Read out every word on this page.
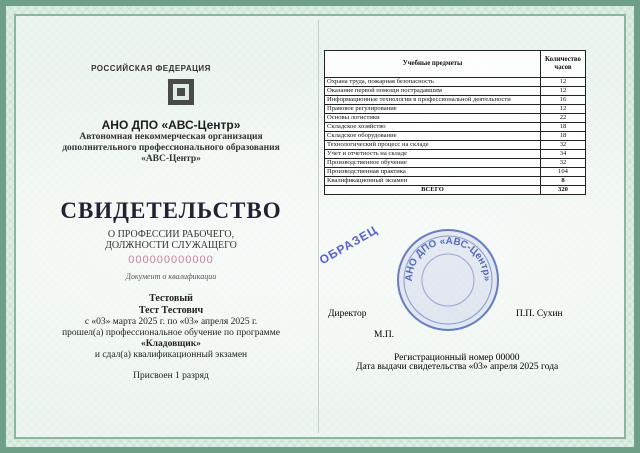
РОССИЙСКАЯ ФЕДЕРАЦИЯ
АНО ДПО «АВС-Центр»
Автономная некоммерческая организация
дополнительного профессионального образования
«АВС-Центр»
СВИДЕТЕЛЬСТВО
О ПРОФЕССИИ РАБОЧЕГО,
ДОЛЖНОСТИ СЛУЖАЩЕГО
000000000000
Документ о квалификации
Тестовый
Тест Тестович
с «03» марта 2025 г. по «03» апреля 2025 г.
прошел(а) профессиональное обучение по программе
«Кладовщик»
и сдал(а) квалификационный экзамен
Присвоен 1 разряд
Учебные предметы	Количество часов
Охрана труда, пожарная безопасность	12
Оказание первой помощи пострадавшим	12
Информационные технологии в профессиональной деятельности	16
Правовое регулирование	12
Основы логистики	22
Складское хозяйство	18
Складское оборудование	18
Технологический процесс на складе	32
Учет и отчетность на складе	34
Производственное обучение	32
Производственная практика	104
Квалификационный экзамен	8
ВСЕГО	320
ОБРАЗЕЦ
АНО ДПО «АВС-Центр»
Директор	П.П. Сухин
М.П.
Регистрационный номер 00000
Дата выдачи свидетельства «03» апреля 2025 года
